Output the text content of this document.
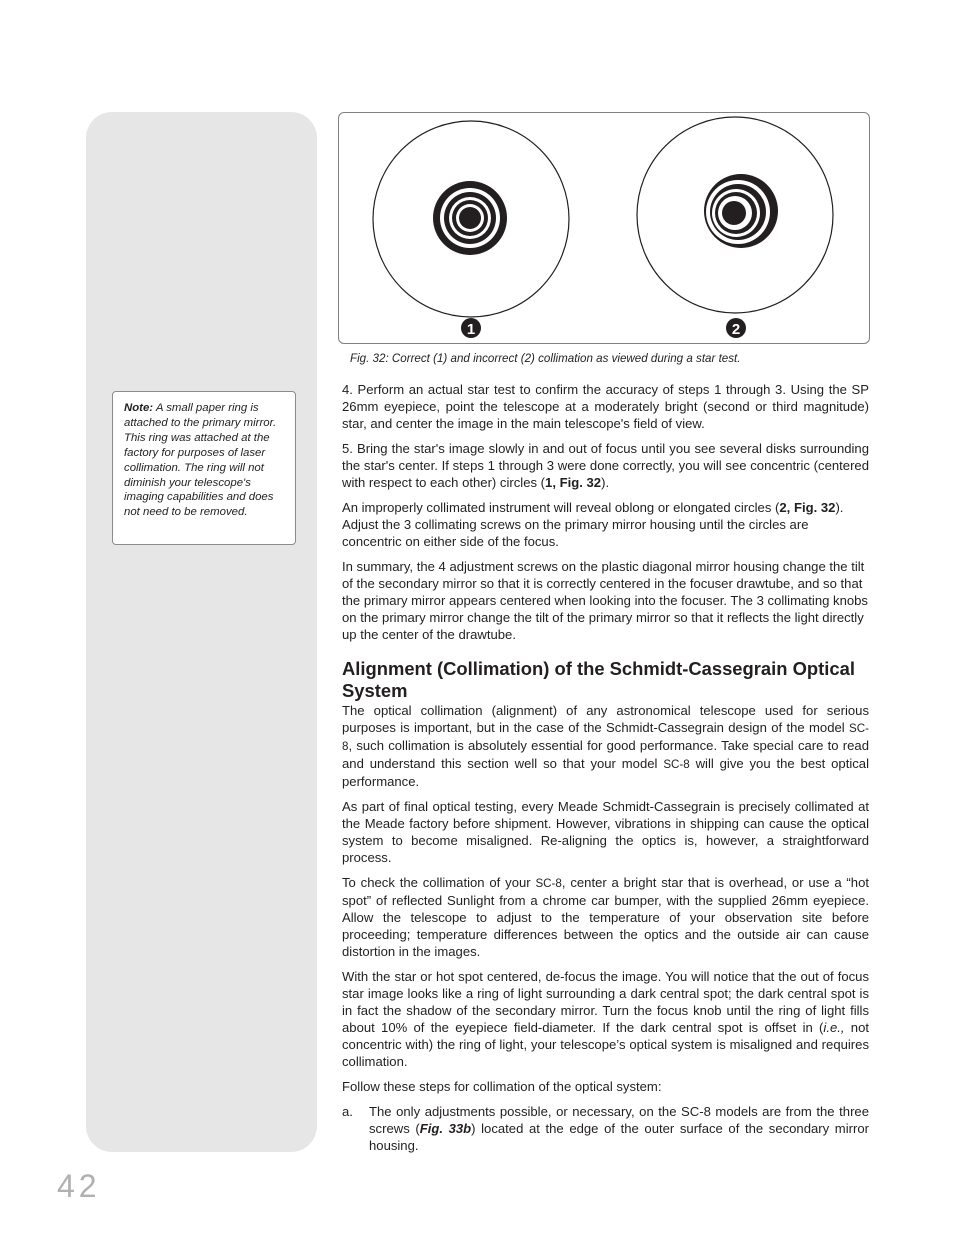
Note: A small paper ring is attached to the primary mirror. This ring was attached at the factory for purposes of laser collimation. The ring will not diminish your telescope's imaging capabilities and does not need to be removed.
1	2
Fig. 32: Correct (1) and incorrect (2) collimation as viewed during a star test.

4. Perform an actual star test to confirm the accuracy of steps 1 through 3. Using the SP 26mm eyepiece, point the telescope at a moderately bright (second or third magnitude) star, and center the image in the main telescope's field of view.

5. Bring the star's image slowly in and out of focus until you see several disks surrounding the star's center. If steps 1 through 3 were done correctly, you will see concentric (centered with respect to each other) circles (1, Fig. 32).

An improperly collimated instrument will reveal oblong or elongated circles (2, Fig. 32). Adjust the 3 collimating screws on the primary mirror housing until the circles are concentric on either side of the focus.

In summary, the 4 adjustment screws on the plastic diagonal mirror housing change the tilt of the secondary mirror so that it is correctly centered in the focuser drawtube, and so that the primary mirror appears centered when looking into the focuser. The 3 collimating knobs on the primary mirror change the tilt of the primary mirror so that it reflects the light directly up the center of the drawtube.

Alignment (Collimation) of the Schmidt-Cassegrain Optical System

The optical collimation (alignment) of any astronomical telescope used for serious purposes is important, but in the case of the Schmidt-Cassegrain design of the model SC-8, such collimation is absolutely essential for good performance. Take special care to read and understand this section well so that your model SC-8 will give you the best optical performance.

As part of final optical testing, every Meade Schmidt-Cassegrain is precisely collimated at the Meade factory before shipment. However, vibrations in shipping can cause the optical system to become misaligned. Re-aligning the optics is, however, a straightforward process.

To check the collimation of your SC-8, center a bright star that is overhead, or use a “hot spot” of reflected Sunlight from a chrome car bumper, with the supplied 26mm eyepiece. Allow the telescope to adjust to the temperature of your observation site before proceeding; temperature differences between the optics and the outside air can cause distortion in the images.

With the star or hot spot centered, de-focus the image. You will notice that the out of focus star image looks like a ring of light surrounding a dark central spot; the dark central spot is in fact the shadow of the secondary mirror. Turn the focus knob until the ring of light fills about 10% of the eyepiece field-diameter. If the dark central spot is offset in (i.e., not concentric with) the ring of light, your telescope’s optical system is misaligned and requires collimation.

Follow these steps for collimation of the optical system:

a. The only adjustments possible, or necessary, on the SC-8 models are from the three screws (Fig. 33b) located at the edge of the outer surface of the secondary mirror housing.
42
